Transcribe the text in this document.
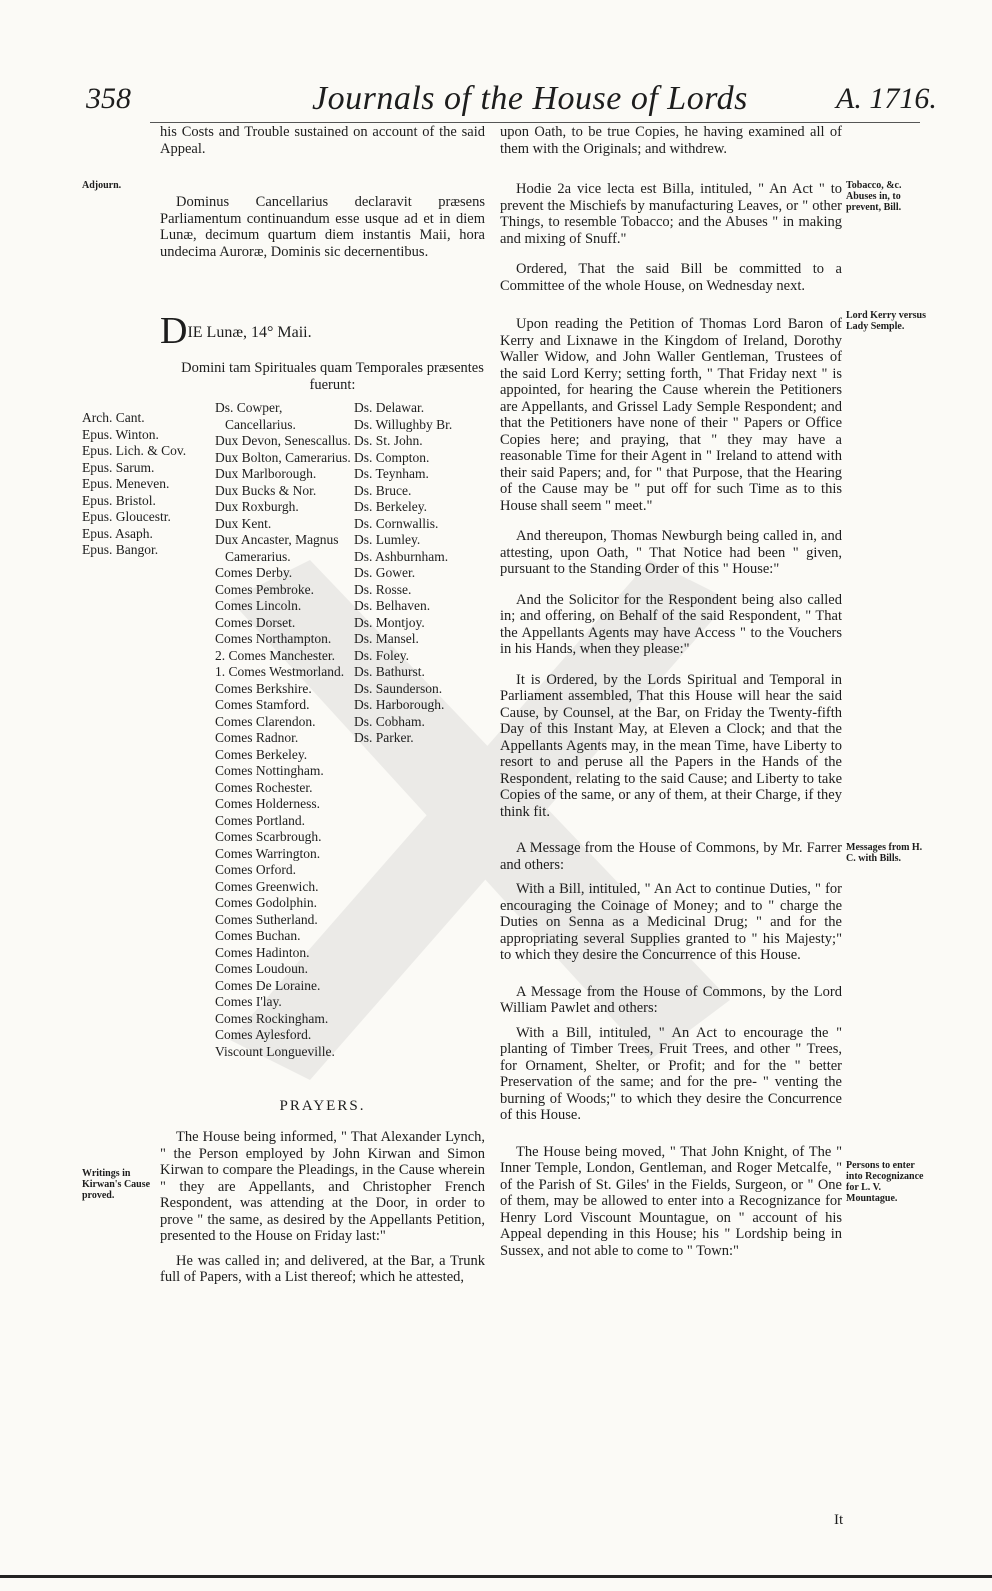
358	Journals of the House of Lords	A. 1716.
Adjourn.
Writings in Kirwan's Cause proved.

his Costs and Trouble sustained on account of the said Appeal.

Dominus Cancellarius declaravit præsens Parliamentum continuandum esse usque ad et in diem Lunæ, decimum quartum diem instantis Maii, hora undecima Auroræ, Dominis sic decernentibus.

DIE Lunæ, 14° Maii.

Domini tam Spirituales quam Temporales præsentes fuerunt:

Arch. Cant.
Epus. Winton.
Epus. Lich. & Cov.
Epus. Sarum.
Epus. Meneven.
Epus. Bristol.
Epus. Gloucestr.
Epus. Asaph.
Epus. Bangor.
Ds. Cowper, Cancellarius.
Dux Devon, Senescallus.
Dux Bolton, Camerarius.
Dux Marlborough.
Dux Bucks & Nor.
Dux Roxburgh.
Dux Kent.
Dux Ancaster, Magnus Camerarius.
Comes Derby.
Comes Pembroke.
Comes Lincoln.
Comes Dorset.
Comes Northampton.
2. Comes Manchester.
1. Comes Westmorland.
Comes Berkshire.
Comes Stamford.
Comes Clarendon.
Comes Radnor.
Comes Berkeley.
Comes Nottingham.
Comes Rochester.
Comes Holderness.
Comes Portland.
Comes Scarbrough.
Comes Warrington.
Comes Orford.
Comes Greenwich.
Comes Godolphin.
Comes Sutherland.
Comes Buchan.
Comes Hadinton.
Comes Loudoun.
Comes De Loraine.
Comes I'lay.
Comes Rockingham.
Comes Aylesford.
Viscount Longueville.
Ds. Delawar.
Ds. Willughby Br.
Ds. St. John.
Ds. Compton.
Ds. Teynham.
Ds. Bruce.
Ds. Berkeley.
Ds. Cornwallis.
Ds. Lumley.
Ds. Ashburnham.
Ds. Gower.
Ds. Rosse.
Ds. Belhaven.
Ds. Montjoy.
Ds. Mansel.
Ds. Foley.
Ds. Bathurst.
Ds. Saunderson.
Ds. Harborough.
Ds. Cobham.
Ds. Parker.
PRAYERS.

The House being informed, " That Alexander Lynch, " the Person employed by John Kirwan and Simon Kirwan to compare the Pleadings, in the Cause wherein " they are Appellants, and Christopher French Respondent, was attending at the Door, in order to prove " the same, as desired by the Appellants Petition, presented to the House on Friday last:"

He was called in; and delivered, at the Bar, a Trunk full of Papers, with a List thereof; which he attested,

Tobacco, &c. Abuses in, to prevent, Bill.
Lord Kerry versus Lady Semple.
Messages from H. C. with Bills.
Persons to enter into Recognizance for L. V. Mountague.

upon Oath, to be true Copies, he having examined all of them with the Originals; and withdrew.

Hodie 2a vice lecta est Billa, intituled, " An Act " to prevent the Mischiefs by manufacturing Leaves, or " other Things, to resemble Tobacco; and the Abuses " in making and mixing of Snuff."

Ordered, That the said Bill be committed to a Committee of the whole House, on Wednesday next.

Upon reading the Petition of Thomas Lord Baron of Kerry and Lixnawe in the Kingdom of Ireland, Dorothy Waller Widow, and John Waller Gentleman, Trustees of the said Lord Kerry; setting forth, " That Friday next " is appointed, for hearing the Cause wherein the Petitioners are Appellants, and Grissel Lady Semple Respondent; and that the Petitioners have none of their " Papers or Office Copies here; and praying, that " they may have a reasonable Time for their Agent in " Ireland to attend with their said Papers; and, for " that Purpose, that the Hearing of the Cause may be " put off for such Time as to this House shall seem " meet."

And thereupon, Thomas Newburgh being called in, and attesting, upon Oath, " That Notice had been " given, pursuant to the Standing Order of this " House:"

And the Solicitor for the Respondent being also called in; and offering, on Behalf of the said Respondent, " That the Appellants Agents may have Access " to the Vouchers in his Hands, when they please:"

It is Ordered, by the Lords Spiritual and Temporal in Parliament assembled, That this House will hear the said Cause, by Counsel, at the Bar, on Friday the Twenty-fifth Day of this Instant May, at Eleven a Clock; and that the Appellants Agents may, in the mean Time, have Liberty to resort to and peruse all the Papers in the Hands of the Respondent, relating to the said Cause; and Liberty to take Copies of the same, or any of them, at their Charge, if they think fit.

A Message from the House of Commons, by Mr. Farrer and others:

With a Bill, intituled, " An Act to continue Duties, " for encouraging the Coinage of Money; and to " charge the Duties on Senna as a Medicinal Drug; " and for the appropriating several Supplies granted to " his Majesty;" to which they desire the Concurrence of this House.

A Message from the House of Commons, by the Lord William Pawlet and others:

With a Bill, intituled, " An Act to encourage the " planting of Timber Trees, Fruit Trees, and other " Trees, for Ornament, Shelter, or Profit; and for the " better Preservation of the same; and for the pre- " venting the burning of Woods;" to which they desire the Concurrence of this House.

The House being moved, " That John Knight, of The " Inner Temple, London, Gentleman, and Roger Metcalfe, " of the Parish of St. Giles' in the Fields, Surgeon, or " One of them, may be allowed to enter into a Recognizance for Henry Lord Viscount Mountague, on " account of his Appeal depending in this House; his " Lordship being in Sussex, and not able to come to " Town:"

It
